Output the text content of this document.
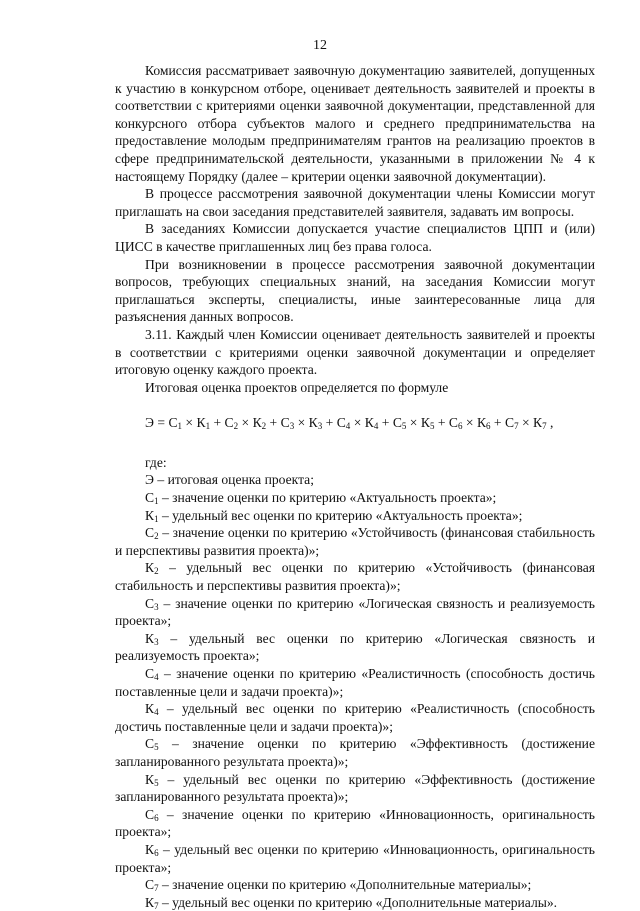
12

Комиссия рассматривает заявочную документацию заявителей, допущенных к участию в конкурсном отборе, оценивает деятельность заявителей и проекты в соответствии с критериями оценки заявочной документации, представленной для конкурсного отбора субъектов малого и среднего предпринимательства на предоставление молодым предпринимателям грантов на реализацию проектов в сфере предпринимательской деятельности, указанными в приложении № 4 к настоящему Порядку (далее – критерии оценки заявочной документации).

В процессе рассмотрения заявочной документации члены Комиссии могут приглашать на свои заседания представителей заявителя, задавать им вопросы.

В заседаниях Комиссии допускается участие специалистов ЦПП и (или) ЦИСС в качестве приглашенных лиц без права голоса.

При возникновении в процессе рассмотрения заявочной документации вопросов, требующих специальных знаний, на заседания Комиссии могут приглашаться эксперты, специалисты, иные заинтересованные лица для разъяснения данных вопросов.

3.11. Каждый член Комиссии оценивает деятельность заявителей и проекты в соответствии с критериями оценки заявочной документации и определяет итоговую оценку каждого проекта.

Итоговая оценка проектов определяется по формуле

$Э = С_1 \times К_1 + С_2 \times К_2 + С_3 \times К_3 + С_4 \times К_4 + С_5 \times К_5 + С_6 \times К_6 + С_7 \times К_7$ ,

где:

Э – итоговая оценка проекта;

$С_1$ – значение оценки по критерию «Актуальность проекта»;

$К_1$ – удельный вес оценки по критерию «Актуальность проекта»;

$С_2$ – значение оценки по критерию «Устойчивость (финансовая стабильность и перспективы развития проекта)»;

$К_2$ – удельный вес оценки по критерию «Устойчивость (финансовая стабильность и перспективы развития проекта)»;

$С_3$ – значение оценки по критерию «Логическая связность и реализуемость проекта»;

$К_3$ – удельный вес оценки по критерию «Логическая связность и реализуемость проекта»;

$С_4$ – значение оценки по критерию «Реалистичность (способность достичь поставленные цели и задачи проекта)»;

$К_4$ – удельный вес оценки по критерию «Реалистичность (способность достичь поставленные цели и задачи проекта)»;

$С_5$ – значение оценки по критерию «Эффективность (достижение запланированного результата проекта)»;

$К_5$ – удельный вес оценки по критерию «Эффективность (достижение запланированного результата проекта)»;

$С_6$ – значение оценки по критерию «Инновационность, оригинальность проекта»;

$К_6$ – удельный вес оценки по критерию «Инновационность, оригинальность проекта»;

$С_7$ – значение оценки по критерию «Дополнительные материалы»;

$К_7$ – удельный вес оценки по критерию «Дополнительные материалы».
